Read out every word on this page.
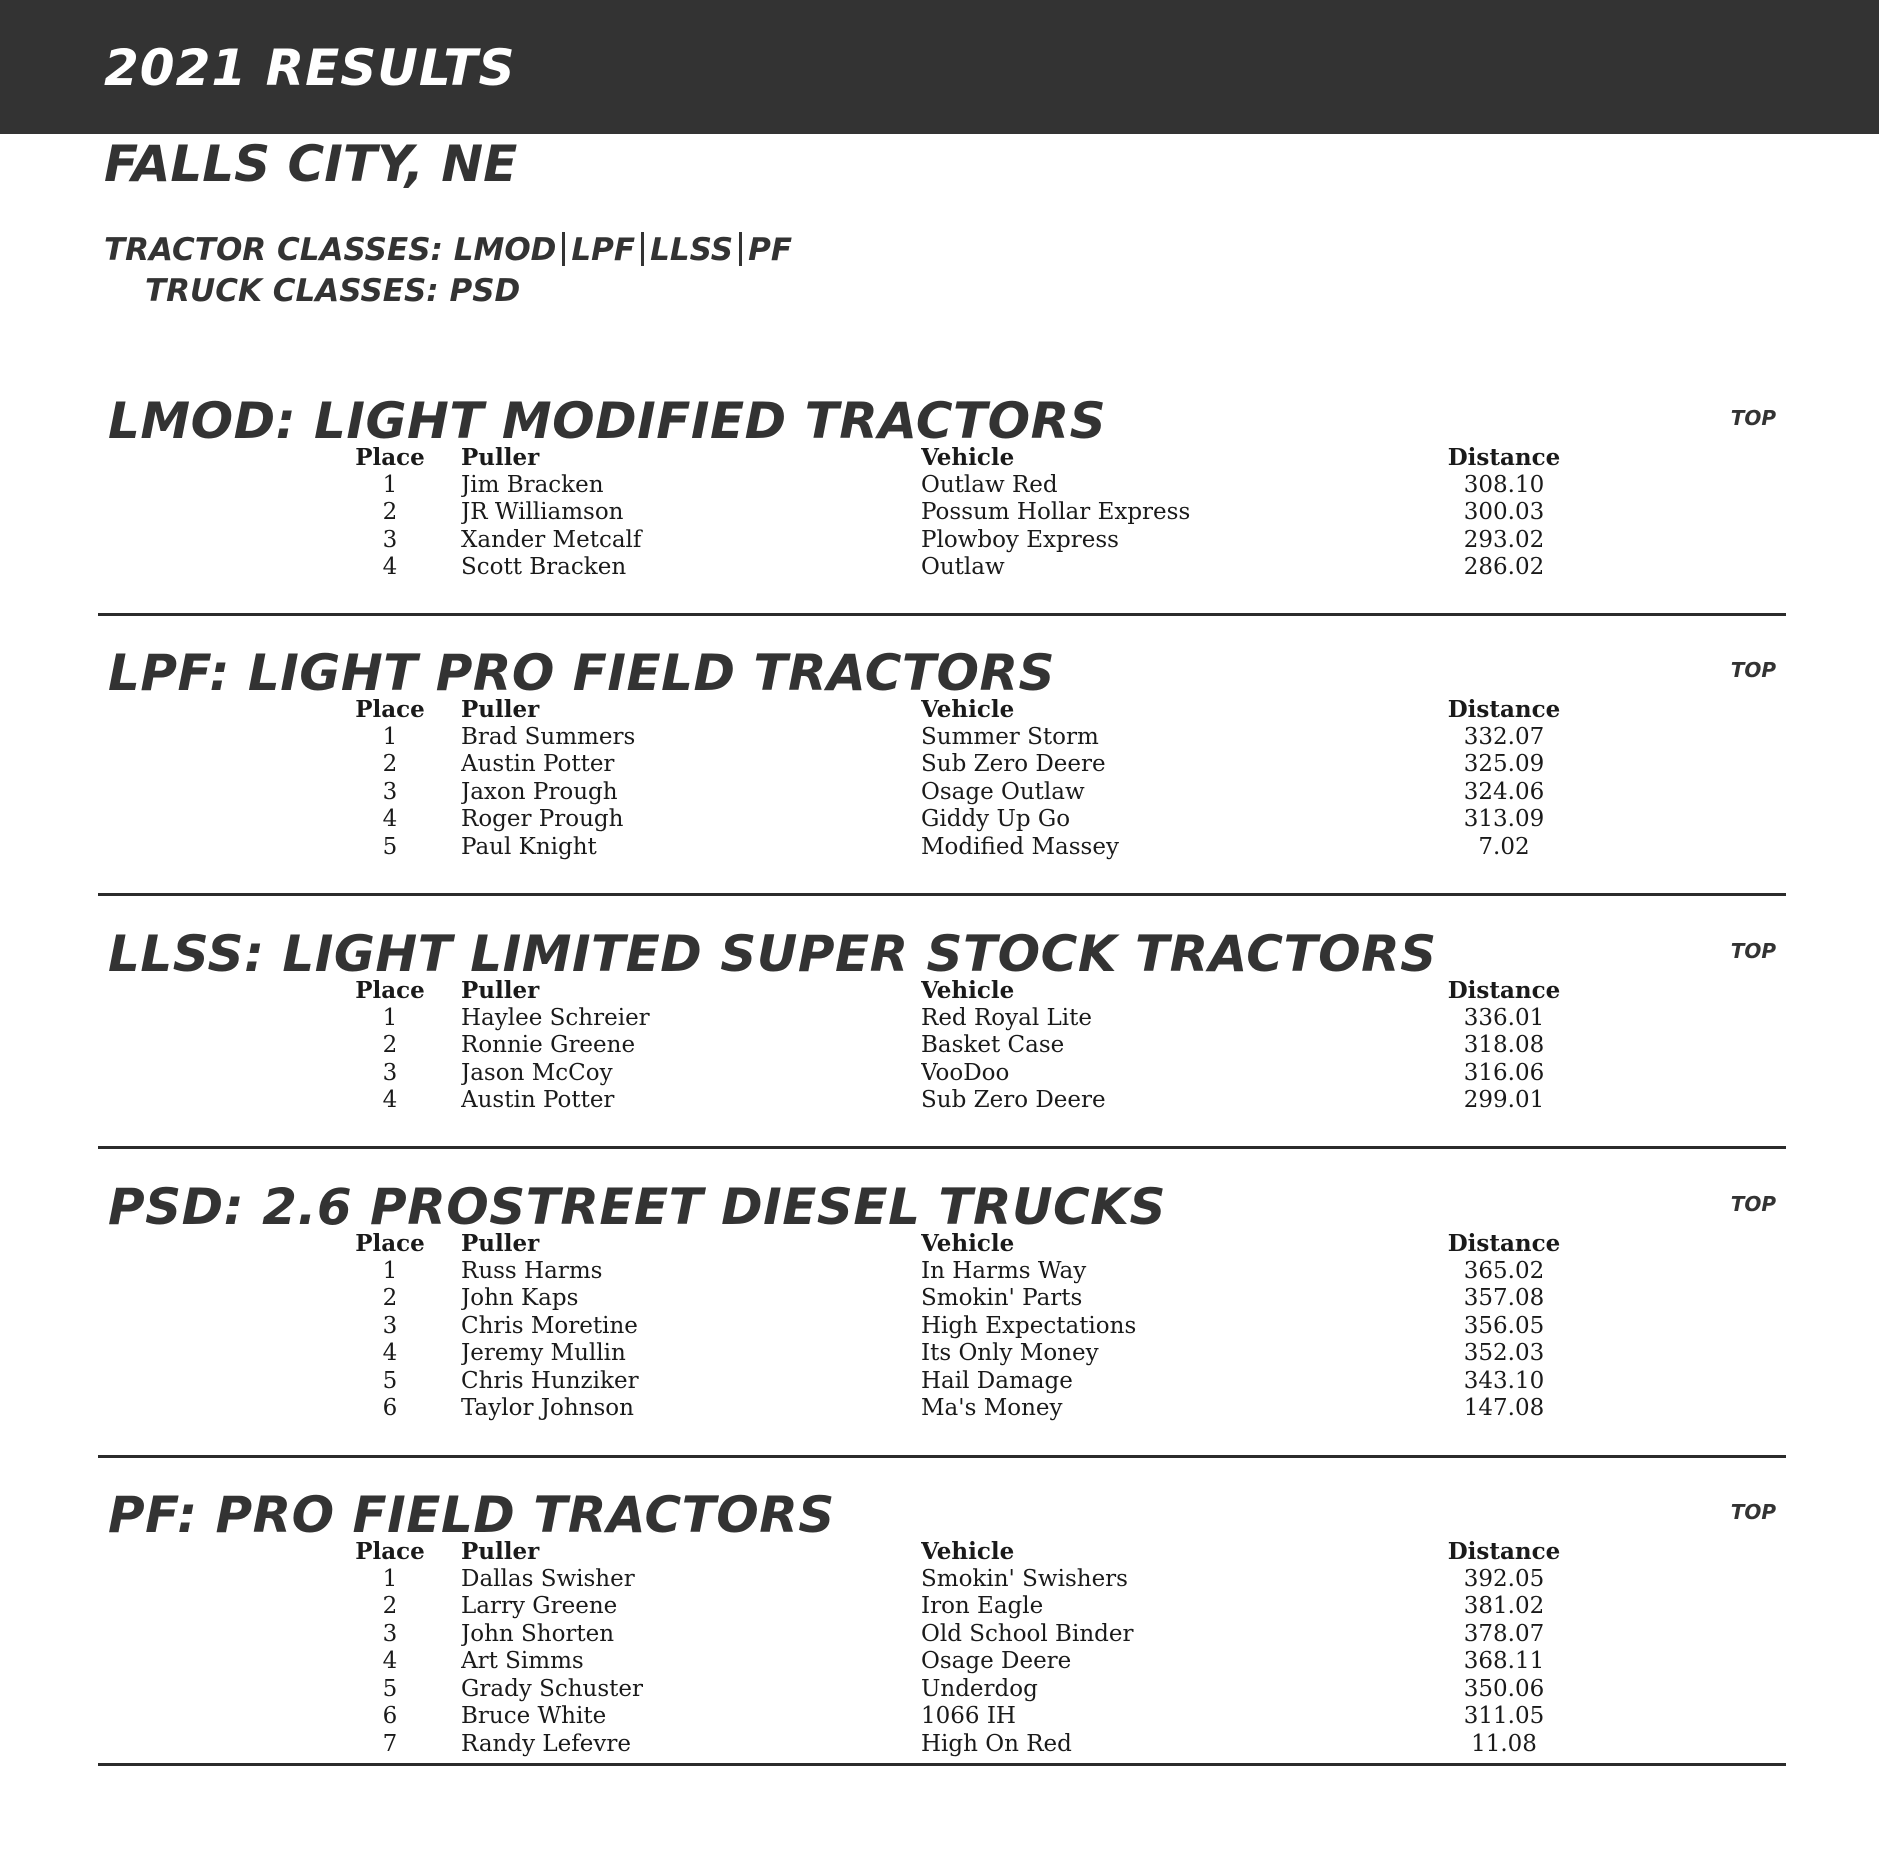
2021 RESULTS
FALLS CITY, NE
TRACTOR CLASSES: LMOD LPF LLSS PF
TRUCK CLASSES: PSD
LMOD: LIGHT MODIFIED TRACTORS	TOP
	Place	Puller	Vehicle	Distance	
	1	Jim Bracken	Outlaw Red	308.10	
	2	JR Williamson	Possum Hollar Express	300.03	
	3	Xander Metcalf	Plowboy Express	293.02	
	4	Scott Bracken	Outlaw	286.02	
LPF: LIGHT PRO FIELD TRACTORS	TOP
	Place	Puller	Vehicle	Distance	
	1	Brad Summers	Summer Storm	332.07	
	2	Austin Potter	Sub Zero Deere	325.09	
	3	Jaxon Prough	Osage Outlaw	324.06	
	4	Roger Prough	Giddy Up Go	313.09	
	5	Paul Knight	Modified Massey	7.02	
LLSS: LIGHT LIMITED SUPER STOCK TRACTORS	TOP
	Place	Puller	Vehicle	Distance	
	1	Haylee Schreier	Red Royal Lite	336.01	
	2	Ronnie Greene	Basket Case	318.08	
	3	Jason McCoy	VooDoo	316.06	
	4	Austin Potter	Sub Zero Deere	299.01	
PSD: 2.6 PROSTREET DIESEL TRUCKS	TOP
	Place	Puller	Vehicle	Distance	
	1	Russ Harms	In Harms Way	365.02	
	2	John Kaps	Smokin' Parts	357.08	
	3	Chris Moretine	High Expectations	356.05	
	4	Jeremy Mullin	Its Only Money	352.03	
	5	Chris Hunziker	Hail Damage	343.10	
	6	Taylor Johnson	Ma's Money	147.08	
PF: PRO FIELD TRACTORS	TOP
	Place	Puller	Vehicle	Distance	
	1	Dallas Swisher	Smokin' Swishers	392.05	
	2	Larry Greene	Iron Eagle	381.02	
	3	John Shorten	Old School Binder	378.07	
	4	Art Simms	Osage Deere	368.11	
	5	Grady Schuster	Underdog	350.06	
	6	Bruce White	1066 IH	311.05	
	7	Randy Lefevre	High On Red	11.08	
